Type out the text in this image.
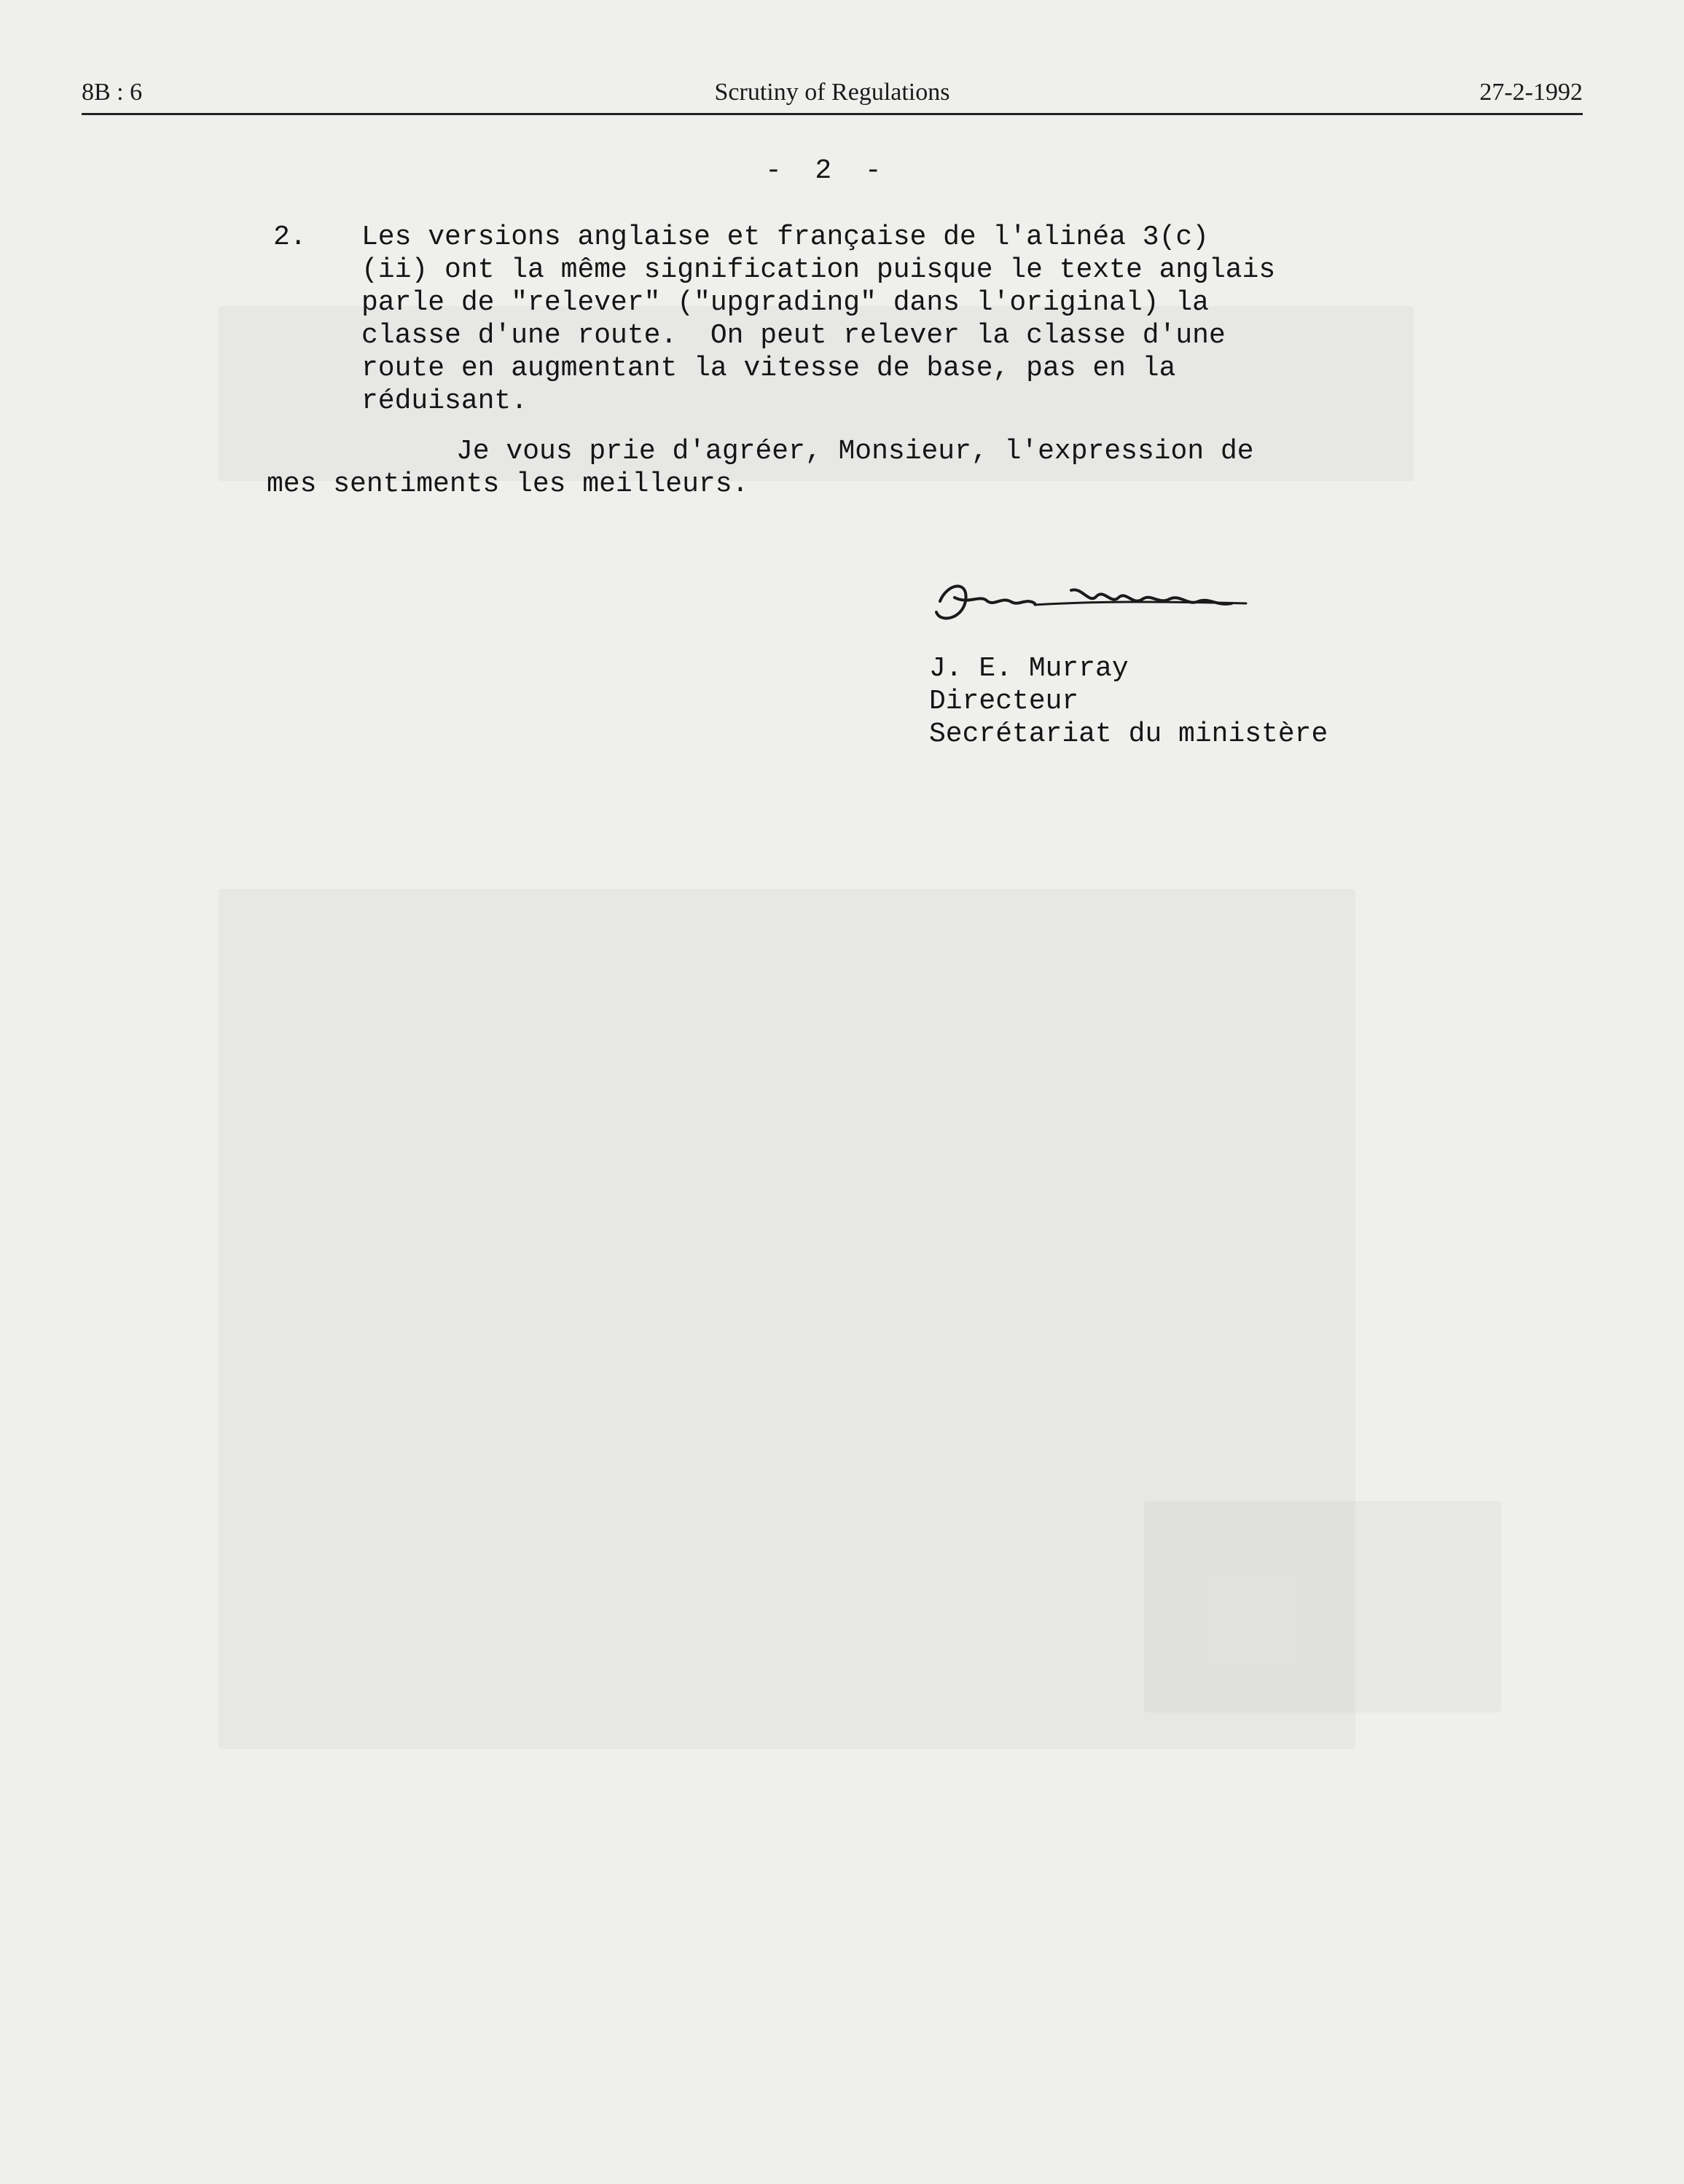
8B : 6	Scrutiny of Regulations	27-2-1992
-  2  -
2. Les versions anglaise et française de l'alinéa 3(c)
(ii) ont la même signification puisque le texte anglais
parle de "relever" ("upgrading" dans l'original) la
classe d'une route.  On peut relever la classe d'une
route en augmentant la vitesse de base, pas en la
réduisant.
Je vous prie d'agréer, Monsieur, l'expression de
mes sentiments les meilleurs.
J. E. Murray
Directeur
Secrétariat du ministère
